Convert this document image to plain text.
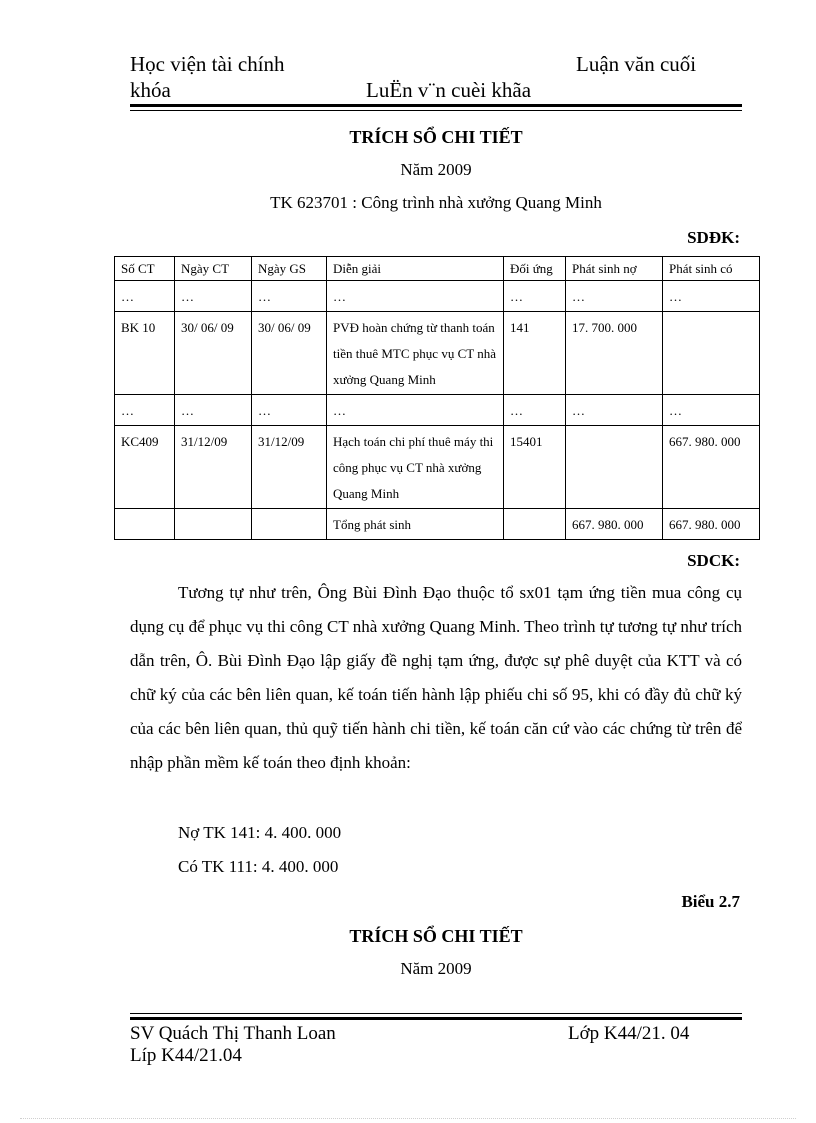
Học viện tài chính	Luận văn cuối
khóa	LuËn v¨n cuèi khãa
TRÍCH SỔ CHI TIẾT
Năm 2009
TK 623701 : Công trình nhà xưởng Quang Minh
SDĐK:
Số CT	Ngày CT	Ngày GS	Diễn giải	Đối ứng	Phát sinh nợ	Phát sinh có
…	…	…	…	…	…	…
BK 10	30/ 06/ 09	30/ 06/ 09	PVĐ hoàn chứng từ thanh toán tiền thuê MTC phục vụ CT nhà xưởng Quang Minh	141	17. 700. 000	
…	…	…	…	…	…	…
KC409	31/12/09	31/12/09	Hạch toán chi phí thuê máy thi công phục vụ CT nhà xưởng Quang Minh	15401		667. 980. 000
			Tổng phát sinh		667. 980. 000	667. 980. 000
SDCK:
Tương tự như trên, Ông Bùi Đình Đạo thuộc tổ sx01 tạm ứng tiền mua công cụ dụng cụ để phục vụ thi công CT nhà xưởng Quang Minh. Theo trình tự tương tự như trích dẫn trên, Ô. Bùi Đình Đạo lập giấy đề nghị tạm ứng, được sự phê duyệt của KTT và có chữ ký của các bên liên quan, kế toán tiến hành lập phiếu chi số 95, khi có đầy đủ chữ ký của các bên liên quan, thủ quỹ tiến hành chi tiền, kế toán căn cứ vào các chứng từ trên để nhập phần mềm kế toán theo định khoản:
Nợ TK 141: 4. 400. 000
Có TK 111: 4. 400. 000
Biểu 2.7
TRÍCH SỔ CHI TIẾT
Năm 2009
SV Quách Thị Thanh Loan	Lớp K44/21. 04
Líp K44/21.04
